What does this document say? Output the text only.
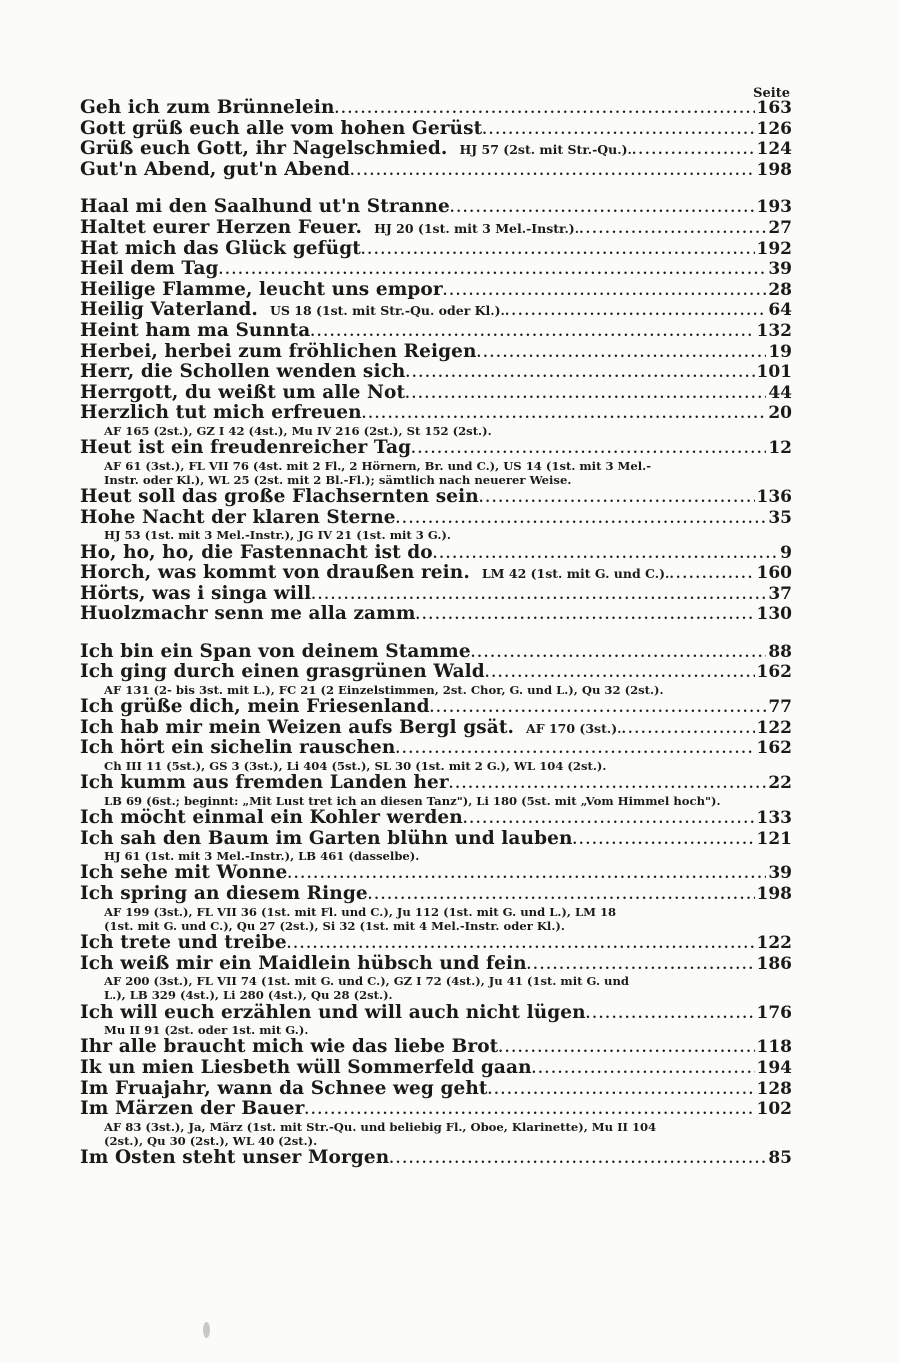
Seite
Geh ich zum Brünnelein .....	163
Gott grüß euch alle vom hohen Gerüst .....	126
Grüß euch Gott, ihr Nagelschmied. HJ 57 (2st. mit Str.-Qu.). .....	124
Gut'n Abend, gut'n Abend .....	198
Haal mi den Saalhund ut'n Stranne .....	193
Haltet eurer Herzen Feuer. HJ 20 (1st. mit 3 Mel.-Instr.). .....	27
Hat mich das Glück gefügt .....	192
Heil dem Tag .....	39
Heilige Flamme, leucht uns empor .....	28
Heilig Vaterland. US 18 (1st. mit Str.-Qu. oder Kl.). .....	64
Heint ham ma Sunnta .....	132
Herbei, herbei zum fröhlichen Reigen .....	19
Herr, die Schollen wenden sich .....	101
Herrgott, du weißt um alle Not .....	44
Herzlich tut mich erfreuen .....	20
AF 165 (2st.), GZ I 42 (4st.), Mu IV 216 (2st.), St 152 (2st.).
Heut ist ein freudenreicher Tag .....	12
AF 61 (3st.), FL VII 76 (4st. mit 2 Fl., 2 Hörnern, Br. und C.), US 14 (1st. mit 3 Mel.-
Instr. oder Kl.), WL 25 (2st. mit 2 Bl.-Fl.); sämtlich nach neuerer Weise.
Heut soll das große Flachsernten sein .....	136
Hohe Nacht der klaren Sterne .....	35
HJ 53 (1st. mit 3 Mel.-Instr.), JG IV 21 (1st. mit 3 G.).
Ho, ho, ho, die Fastennacht ist do .....	9
Horch, was kommt von draußen rein. LM 42 (1st. mit G. und C.). .....	160
Hörts, was i singa will .....	37
Huolzmachr senn me alla zamm .....	130
Ich bin ein Span von deinem Stamme .....	88
Ich ging durch einen grasgrünen Wald .....	162
AF 131 (2- bis 3st. mit L.), FC 21 (2 Einzelstimmen, 2st. Chor, G. und L.), Qu 32 (2st.).
Ich grüße dich, mein Friesenland .....	77
Ich hab mir mein Weizen aufs Bergl gsät. AF 170 (3st.). .....	122
Ich hört ein sichelin rauschen .....	162
Ch III 11 (5st.), GS 3 (3st.), Li 404 (5st.), SL 30 (1st. mit 2 G.), WL 104 (2st.).
Ich kumm aus fremden Landen her .....	22
LB 69 (6st.; beginnt: „Mit Lust tret ich an diesen Tanz"), Li 180 (5st. mit „Vom Himmel hoch").
Ich möcht einmal ein Kohler werden .....	133
Ich sah den Baum im Garten blühn und lauben .....	121
HJ 61 (1st. mit 3 Mel.-Instr.), LB 461 (dasselbe).
Ich sehe mit Wonne .....	39
Ich spring an diesem Ringe .....	198
AF 199 (3st.), FL VII 36 (1st. mit Fl. und C.), Ju 112 (1st. mit G. und L.), LM 18
(1st. mit G. und C.), Qu 27 (2st.), Si 32 (1st. mit 4 Mel.-Instr. oder Kl.).
Ich trete und treibe .....	122
Ich weiß mir ein Maidlein hübsch und fein .....	186
AF 200 (3st.), FL VII 74 (1st. mit G. und C.), GZ I 72 (4st.), Ju 41 (1st. mit G. und
L.), LB 329 (4st.), Li 280 (4st.), Qu 28 (2st.).
Ich will euch erzählen und will auch nicht lügen .....	176
Mu II 91 (2st. oder 1st. mit G.).
Ihr alle braucht mich wie das liebe Brot .....	118
Ik un mien Liesbeth wüll Sommerfeld gaan .....	194
Im Fruajahr, wann da Schnee weg geht .....	128
Im Märzen der Bauer .....	102
AF 83 (3st.), Ja, März (1st. mit Str.-Qu. und beliebig Fl., Oboe, Klarinette), Mu II 104
(2st.), Qu 30 (2st.), WL 40 (2st.).
Im Osten steht unser Morgen .....	85
